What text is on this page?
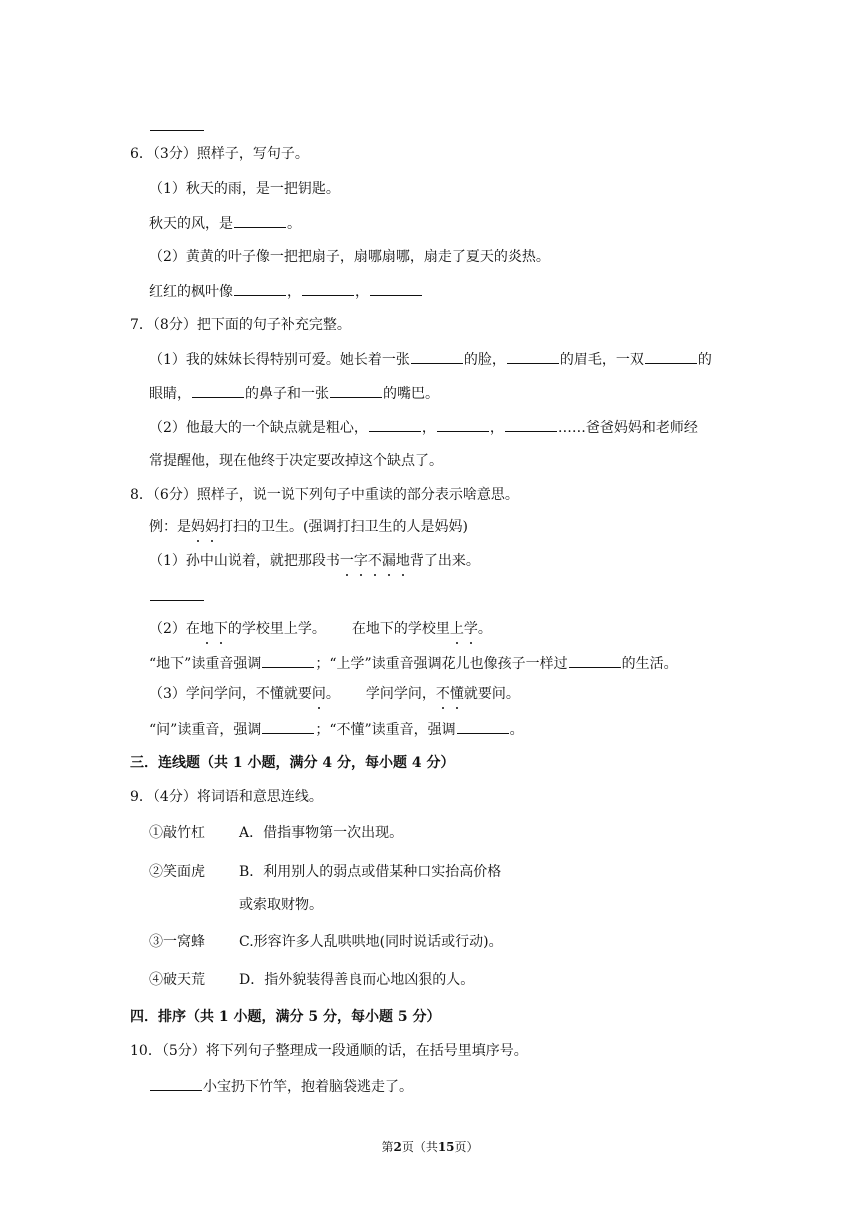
6．（3分）照样子，写句子。
（1）秋天的雨，是一把钥匙。
秋天的风，是	。
（2）黄黄的叶子像一把把扇子，扇哪扇哪，扇走了夏天的炎热。
红红的枫叶像	，	，
7．（8分）把下面的句子补充完整。
（1）我的妹妹长得特别可爱。她长着一张	的脸，	的眉毛，一双	的
眼睛，	的鼻子和一张	的嘴巴。
（2）他最大的一个缺点就是粗心，	，	，	……爸爸妈妈和老师经
常提醒他，现在他终于决定要改掉这个缺点了。
8．（6分）照样子，说一说下列句子中重读的部分表示啥意思。
例：是妈妈打扫的卫生。(强调打扫卫生的人是妈妈)
（1）孙中山说着，就把那段书一字不漏地背了出来。
（2）在地下的学校里上学。 在地下的学校里上学。
“地下”读重音强调	；“上学”读重音强调花儿也像孩子一样过	的生活。
（3）学问学问，不懂就要问。 学问学问，不懂就要问。
“问”读重音，强调	；“不懂”读重音，强调	。
三．连线题（共 1 小题，满分 4 分，每小题 4 分）
9．（4分）将词语和意思连线。
①敲竹杠 A．借指事物第一次出现。
②笑面虎 B．利用别人的弱点或借某种口实抬高价格
或索取财物。
③一窝蜂 C.形容许多人乱哄哄地(同时说话或行动)。
④破天荒 D．指外貌装得善良而心地凶狠的人。
四．排序（共 1 小题，满分 5 分，每小题 5 分）
10．（5分）将下列句子整理成一段通顺的话，在括号里填序号。
小宝扔下竹竿，抱着脑袋逃走了。
第2页（共15页）
